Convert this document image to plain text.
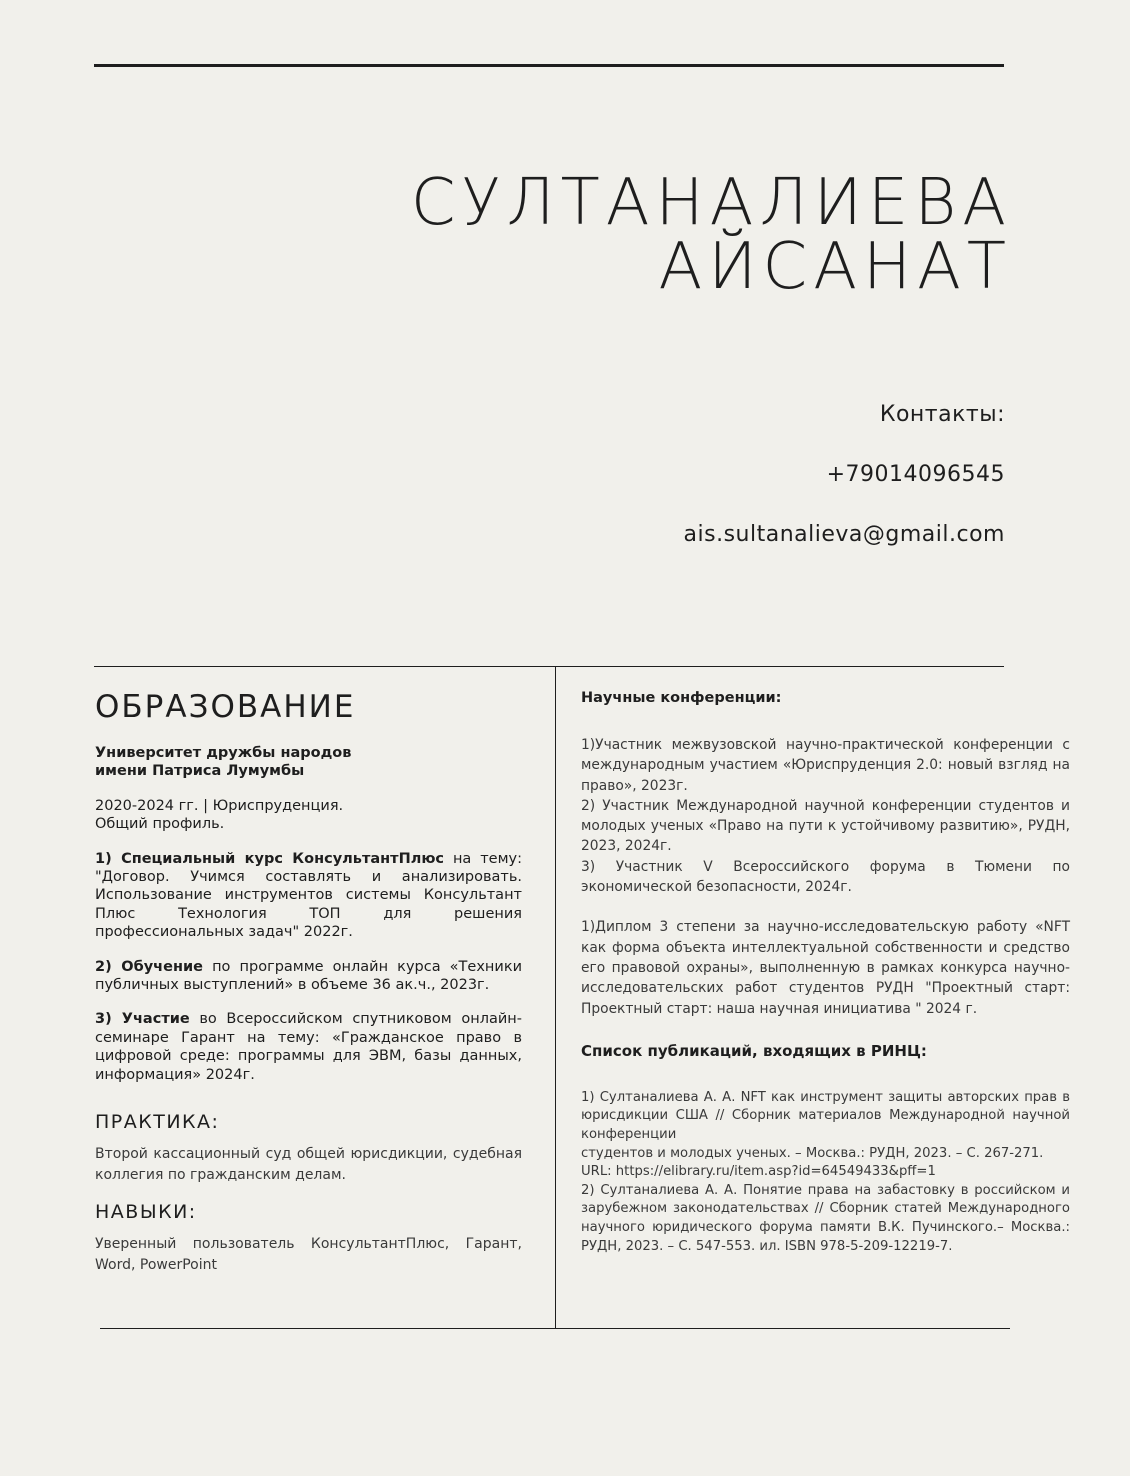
СУЛТАНАЛИЕВА
АЙСАНАТ
Контакты:
+79014096545
ais.sultanalieva@gmail.com
ОБРАЗОВАНИЕ

Университет дружбы народов
имени Патриса Лумумбы

2020-2024 гг. | Юриспруденция.
Общий профиль.

1) Специальный курс КонсультантПлюс на тему: "Договор. Учимся составлять и анализировать. Использование инструментов системы Консультант Плюс Технология ТОП для решения профессиональных задач" 2022г.

2) Обучение по программе онлайн курса «Техники публичных выступлений» в объеме 36 ак.ч., 2023г.

3) Участие во Всероссийском спутниковом онлайн-семинаре Гарант на тему: «Гражданское право в цифровой среде: программы для ЭВМ, базы данных, информация» 2024г.

ПРАКТИКА:

Второй кассационный суд общей юрисдикции, судебная коллегия по гражданским делам.

НАВЫКИ:

Уверенный пользователь КонсультантПлюс, Гарант, Word, PowerPoint

Научные конференции:

1)Участник межвузовской научно-практической конференции с международным участием «Юриспруденция 2.0: новый взгляд на право», 2023г.

2) Участник Международной научной конференции студентов и молодых ученых «Право на пути к устойчивому развитию», РУДН, 2023, 2024г.

3) Участник V Всероссийского форума в Тюмени по экономической безопасности, 2024г.

1)Диплом 3 степени за научно-исследовательскую работу «NFT как форма объекта интеллектуальной собственности и средство его правовой охраны», выполненную в рамках конкурса научно-исследовательских работ студентов РУДН "Проектный старт: Проектный старт: наша научная инициатива " 2024 г.

Список публикаций, входящих в РИНЦ:

1) Султаналиева А. А. NFT как инструмент защиты авторских прав в юрисдикции США // Сборник материалов Международной научной конференции

студентов и молодых ученых. – Москва.: РУДН, 2023. – С. 267-271.

URL: https://elibrary.ru/item.asp?id=64549433&pff=1

2) Султаналиева А. А. Понятие права на забастовку в российском и зарубежном законодательствах // Сборник статей Международного научного юридического форума памяти В.К. Пучинского.– Москва.: РУДН, 2023. – С. 547-553. ил. ISBN 978-5-209-12219-7.
